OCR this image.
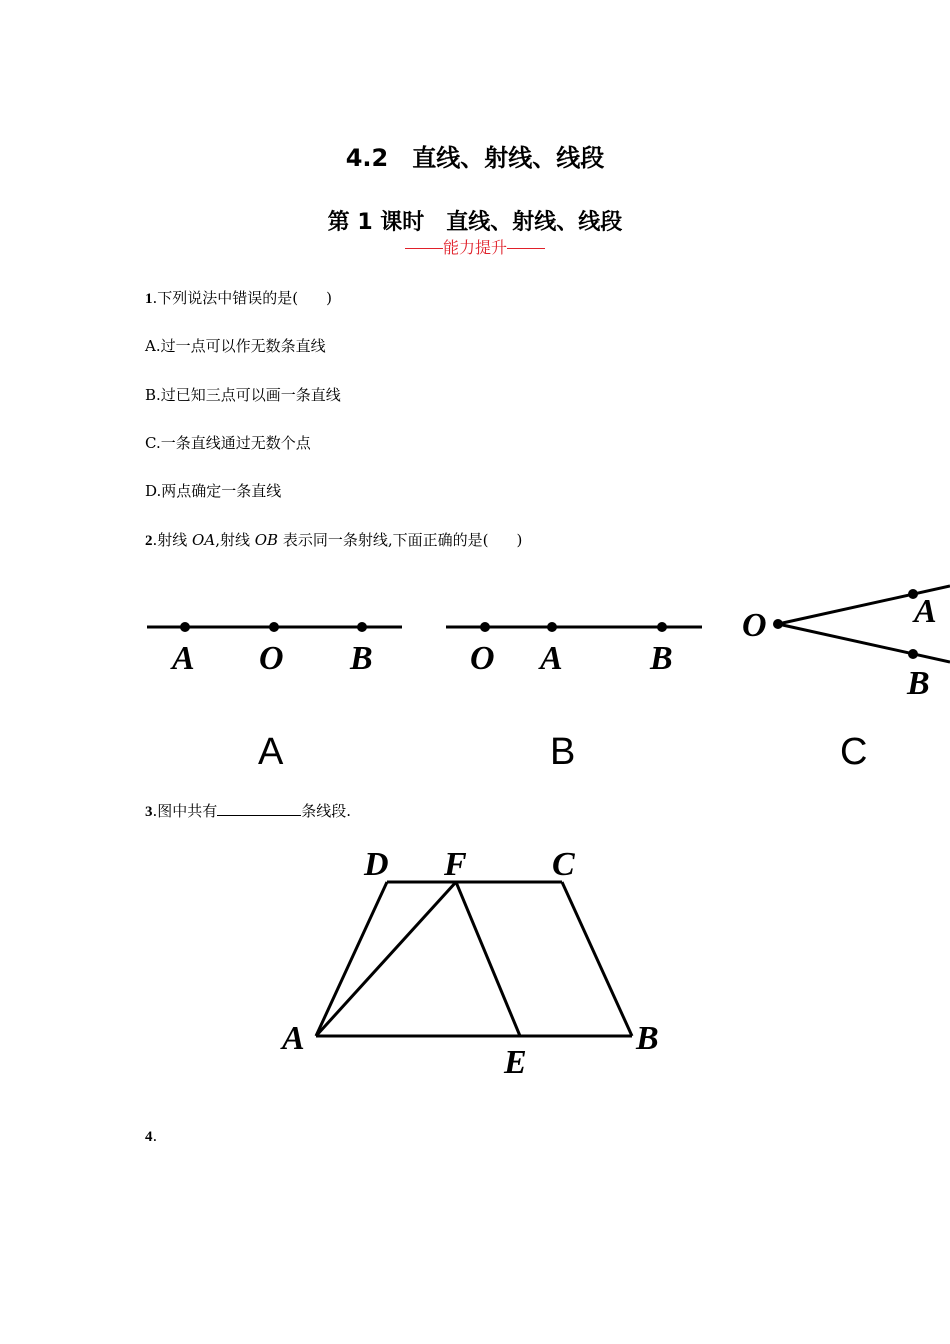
4.2　直线、射线、线段
第 1 课时　直线、射线、线段
能力提升
1.下列说法中错误的是( )
A.过一点可以作无数条直线
B.过已知三点可以画一条直线
C.一条直线通过无数个点
D.两点确定一条直线
2.射线 OA,射线 OB 表示同一条射线,下面正确的是( )
A O B
A
O A	B
B
O	A
B
C
3.图中共有	条线段.
D F	C
A
E
B
4.
